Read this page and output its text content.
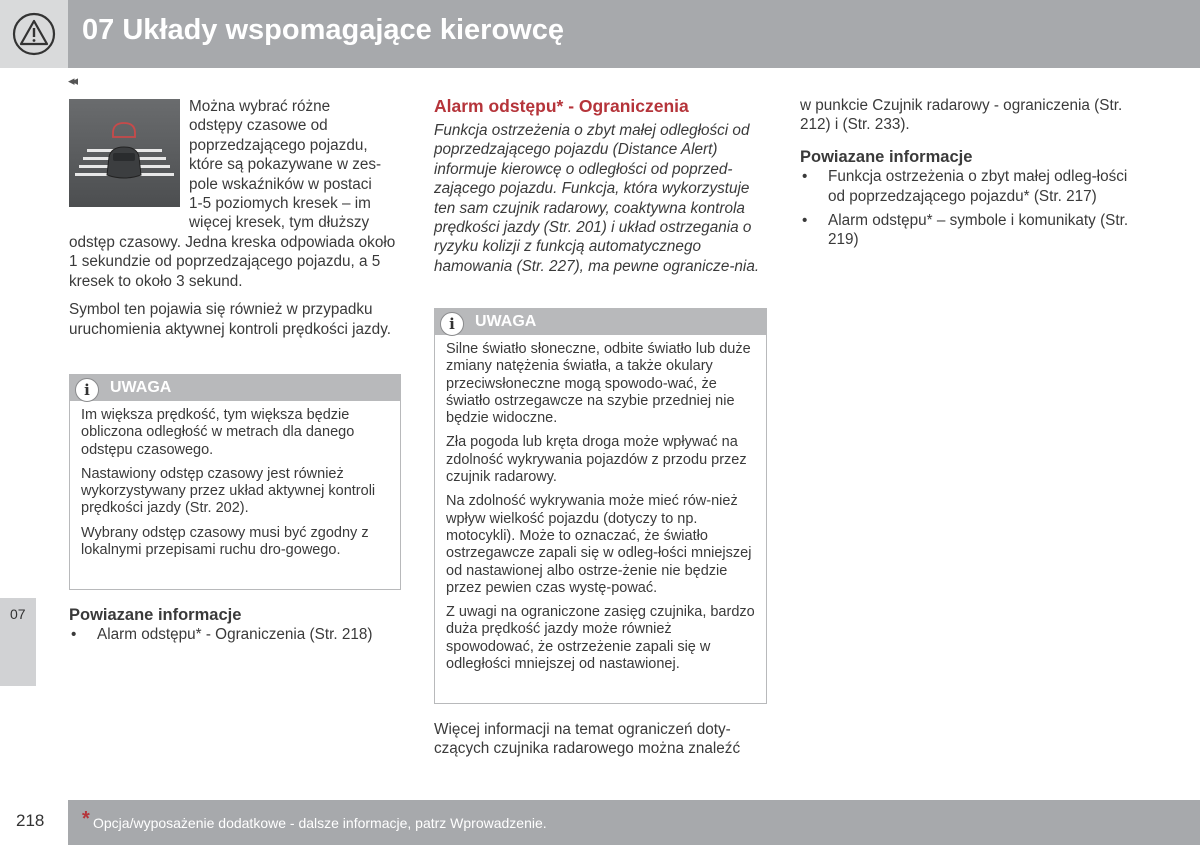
07 Układy wspomagające kierowcę
◂◂

Można wybrać różne

odstępy czasowe od

poprzedzającego pojazdu,

które są pokazywane w zes-

pole wskaźników w postaci

1-5 poziomych kresek – im

więcej kresek, tym dłuższy

odstęp czasowy. Jedna kreska odpowiada około 1 sekundzie od poprzedzającego pojazdu, a 5 kresek to około 3 sekund.

Symbol ten pojawia się również w przypadku uruchomienia aktywnej kontroli prędkości jazdy.

i
UWAGA

Im większa prędkość, tym większa będzie obliczona odległość w metrach dla danego odstępu czasowego.

Nastawiony odstęp czasowy jest również wykorzystywany przez układ aktywnej kontroli prędkości jazdy (Str. 202).

Wybrany odstęp czasowy musi być zgodny z lokalnymi przepisami ruchu dro-gowego.

Powiazane informacje

• Alarm odstępu* - Ograniczenia (Str. 218)

Alarm odstępu* - Ograniczenia

Funkcja ostrzeżenia o zbyt małej odległości od poprzedzającego pojazdu (Distance Alert) informuje kierowcę o odległości od poprzed-zającego pojazdu. Funkcja, która wykorzystuje ten sam czujnik radarowy, coaktywna kontrola prędkości jazdy (Str. 201) i układ ostrzegania o ryzyku kolizji z funkcją automatycznego hamowania (Str. 227), ma pewne ogranicze-nia.

i
UWAGA

Silne światło słoneczne, odbite światło lub duże zmiany natężenia światła, a także okulary przeciwsłoneczne mogą spowodo-wać, że światło ostrzegawcze na szybie przedniej nie będzie widoczne.

Zła pogoda lub kręta droga może wpływać na zdolność wykrywania pojazdów z przodu przez czujnik radarowy.

Na zdolność wykrywania może mieć rów-nież wpływ wielkość pojazdu (dotyczy to np. motocykli). Może to oznaczać, że światło ostrzegawcze zapali się w odleg-łości mniejszej od nastawionej albo ostrze-żenie nie będzie przez pewien czas wystę-pować.

Z uwagi na ograniczone zasięg czujnika, bardzo duża prędkość jazdy może również spowodować, że ostrzeżenie zapali się w odległości mniejszej od nastawionej.

Więcej informacji na temat ograniczeń doty-czących czujnika radarowego można znaleźć

w punkcie Czujnik radarowy - ograniczenia (Str. 212) i (Str. 233).

Powiazane informacje

• Funkcja ostrzeżenia o zbyt małej odleg-łości od poprzedzającego pojazdu* (Str. 217)
• Alarm odstępu* – symbole i komunikaty (Str. 219)
07
218 * Opcja/wyposażenie dodatkowe - dalsze informacje, patrz Wprowadzenie.
